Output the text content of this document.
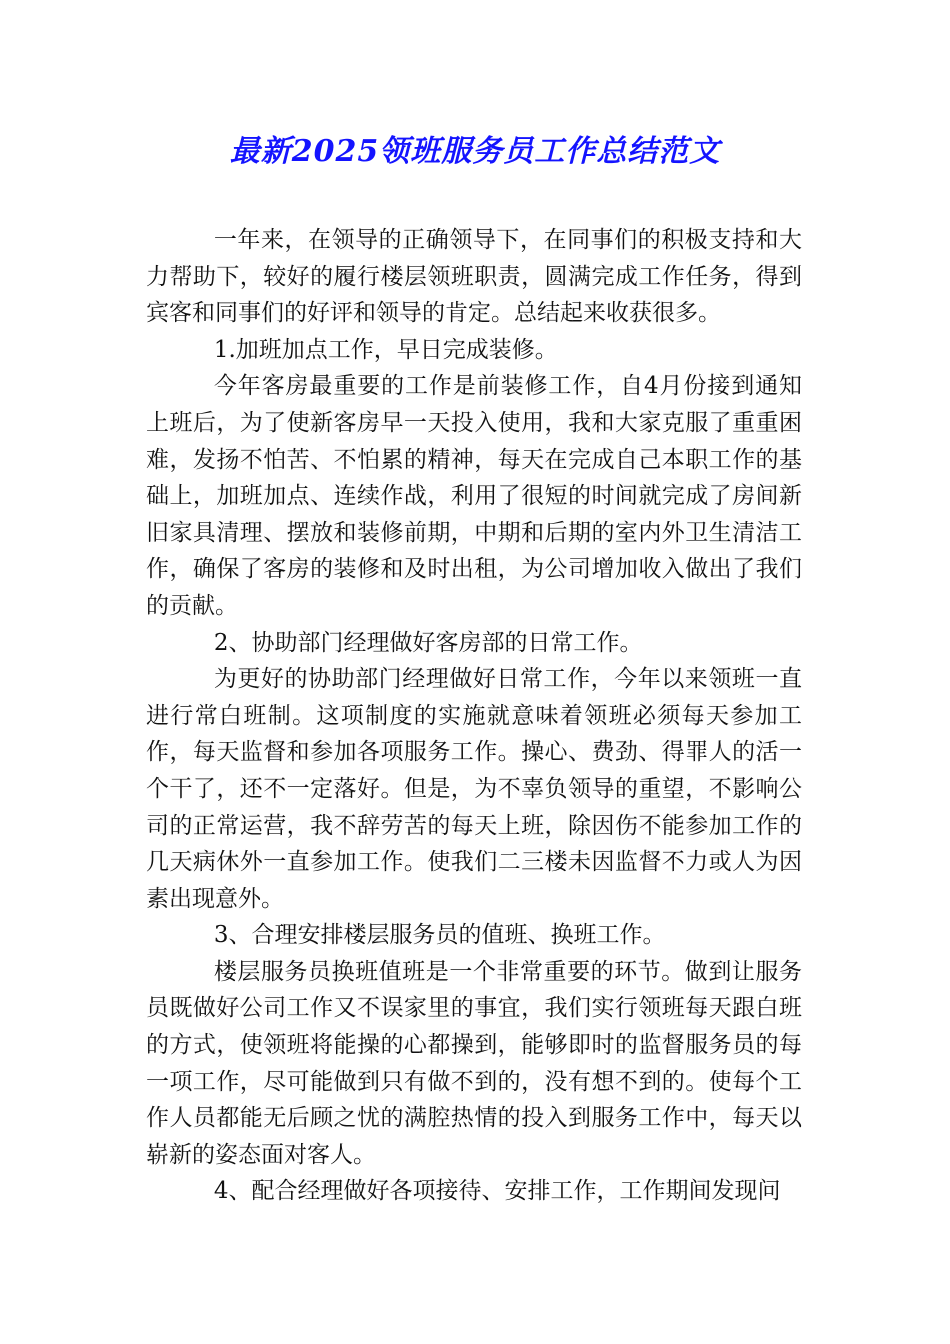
最新2025领班服务员工作总结范文

一年来，在领导的正确领导下，在同事们的积极支持和大力帮助下，较好的履行楼层领班职责，圆满完成工作任务，得到宾客和同事们的好评和领导的肯定。总结起来收获很多。

1.加班加点工作，早日完成装修。

今年客房最重要的工作是前装修工作，自4月份接到通知上班后，为了使新客房早一天投入使用，我和大家克服了重重困难，发扬不怕苦、不怕累的精神，每天在完成自己本职工作的基础上，加班加点、连续作战，利用了很短的时间就完成了房间新旧家具清理、摆放和装修前期，中期和后期的室内外卫生清洁工作，确保了客房的装修和及时出租，为公司增加收入做出了我们的贡献。

2、协助部门经理做好客房部的日常工作。

为更好的协助部门经理做好日常工作，今年以来领班一直进行常白班制。这项制度的实施就意味着领班必须每天参加工作，每天监督和参加各项服务工作。操心、费劲、得罪人的活一个干了，还不一定落好。但是，为不辜负领导的重望，不影响公司的正常运营，我不辞劳苦的每天上班，除因伤不能参加工作的几天病休外一直参加工作。使我们二三楼未因监督不力或人为因素出现意外。

3、合理安排楼层服务员的值班、换班工作。

楼层服务员换班值班是一个非常重要的环节。做到让服务员既做好公司工作又不误家里的事宜，我们实行领班每天跟白班的方式，使领班将能操的心都操到，能够即时的监督服务员的每一项工作，尽可能做到只有做不到的，没有想不到的。使每个工作人员都能无后顾之忧的满腔热情的投入到服务工作中，每天以崭新的姿态面对客人。

4、配合经理做好各项接待、安排工作，工作期间发现问
